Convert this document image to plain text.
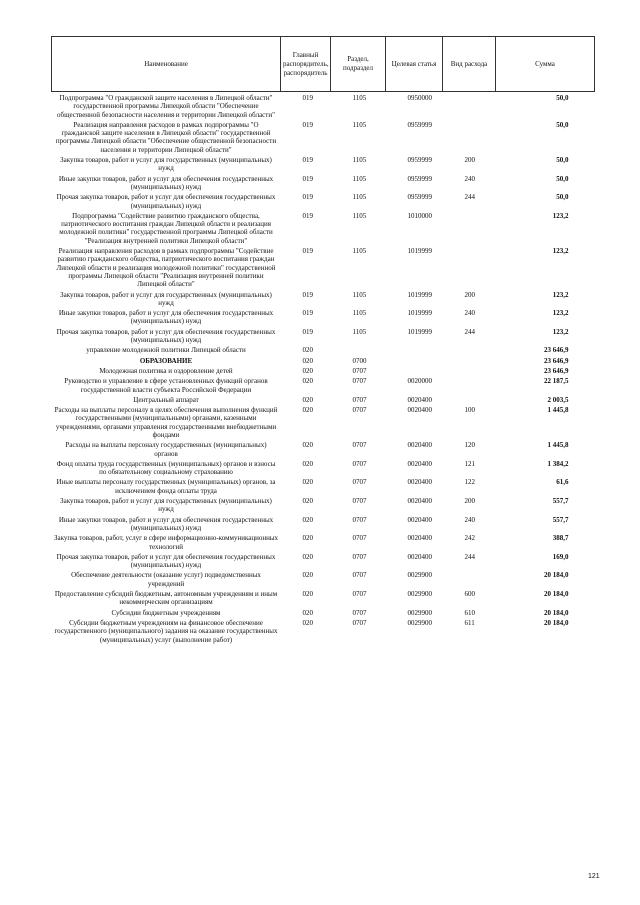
Наименование	Главный распорядитель, распорядитель	Раздел, подраздел	Целевая статья	Вид расхода	Сумма
Подпрограмма "О гражданской защите населения в Липецкой области" государственной программы Липецкой области "Обеспечение общественной безопасности населения и территории Липецкой области"	019	1105	0950000		50,0
Реализация направления расходов в рамках подпрограммы "О гражданской защите населения в Липецкой области" государственной программы Липецкой области "Обеспечение общественной безопасности населения и территории Липецкой области"	019	1105	0959999		50,0
Закупка товаров, работ и услуг для государственных (муниципальных) нужд	019	1105	0959999	200	50,0
Иные закупки товаров, работ и услуг для обеспечения государственных (муниципальных) нужд	019	1105	0959999	240	50,0
Прочая закупка товаров, работ и услуг для обеспечения государственных (муниципальных) нужд	019	1105	0959999	244	50,0
Подпрограмма "Содействие развитию гражданского общества, патриотического воспитания граждан Липецкой области и реализация молодежной политики" государственной программы Липецкой области "Реализация внутренней политики Липецкой области"	019	1105	1010000		123,2
Реализация направления расходов в рамках подпрограммы "Содействие развитию гражданского общества, патриотического воспитания граждан Липецкой области и реализация молодежной политики" государственной программы Липецкой области "Реализация внутренней политики Липецкой области"	019	1105	1019999		123,2
Закупка товаров, работ и услуг для государственных (муниципальных) нужд	019	1105	1019999	200	123,2
Иные закупки товаров, работ и услуг для обеспечения государственных (муниципальных) нужд	019	1105	1019999	240	123,2
Прочая закупка товаров, работ и услуг для обеспечения государственных (муниципальных) нужд	019	1105	1019999	244	123,2
управление молодежной политики Липецкой области	020				23 646,9
ОБРАЗОВАНИЕ	020	0700			23 646,9
Молодежная политика и оздоровление детей	020	0707			23 646,9
Руководство и управление в сфере установленных функций органов государственной власти субъекта Российской Федерации	020	0707	0020000		22 187,5
Центральный аппарат	020	0707	0020400		2 003,5
Расходы на выплаты персоналу в целях обеспечения выполнения функций государственными (муниципальными) органами, казенными учреждениями, органами управления государственными внебюджетными фондами	020	0707	0020400	100	1 445,8
Расходы на выплаты персоналу государственных (муниципальных) органов	020	0707	0020400	120	1 445,8
Фонд оплаты труда государственных (муниципальных) органов и взносы по обязательному социальному страхованию	020	0707	0020400	121	1 384,2
Иные выплаты персоналу государственных (муниципальных) органов, за исключением фонда оплаты труда	020	0707	0020400	122	61,6
Закупка товаров, работ и услуг для государственных (муниципальных) нужд	020	0707	0020400	200	557,7
Иные закупки товаров, работ и услуг для обеспечения государственных (муниципальных) нужд	020	0707	0020400	240	557,7
Закупка товаров, работ, услуг в сфере информационно-коммуникационных технологий	020	0707	0020400	242	388,7
Прочая закупка товаров, работ и услуг для обеспечения государственных (муниципальных) нужд	020	0707	0020400	244	169,0
Обеспечение деятельности (оказание услуг) подведомственных учреждений	020	0707	0029900		20 184,0
Предоставление субсидий бюджетным, автономным учреждениям и иным некоммерческим организациям	020	0707	0029900	600	20 184,0
Субсидии бюджетным учреждениям	020	0707	0029900	610	20 184,0
Субсидии бюджетным учреждениям на финансовое обеспечение государственного (муниципального) задания на оказание государственных (муниципальных) услуг (выполнение работ)	020	0707	0029900	611	20 184,0
121
